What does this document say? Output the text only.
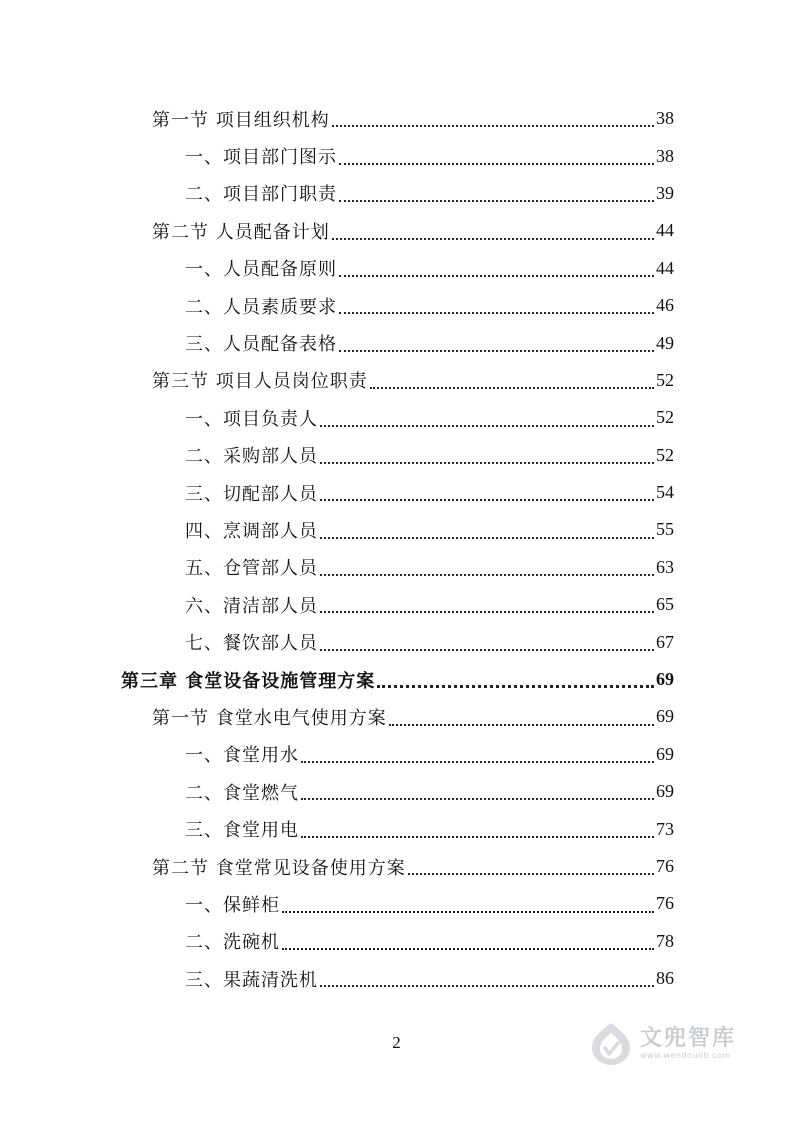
第一节 项目组织机构	38
一、项目部门图示	38
二、项目部门职责	39
第二节 人员配备计划	44
一、人员配备原则	44
二、人员素质要求	46
三、人员配备表格	49
第三节 项目人员岗位职责	52
一、项目负责人	52
二、采购部人员	52
三、切配部人员	54
四、烹调部人员	55
五、仓管部人员	63
六、清洁部人员	65
七、餐饮部人员	67
第三章 食堂设备设施管理方案	69
第一节 食堂水电气使用方案	69
一、食堂用水	69
二、食堂燃气	69
三、食堂用电	73
第二节 食堂常见设备使用方案	76
一、保鲜柜	76
二、洗碗机	78
三、果蔬清洗机	86
2	文兜智库
www.wendoulib.com
